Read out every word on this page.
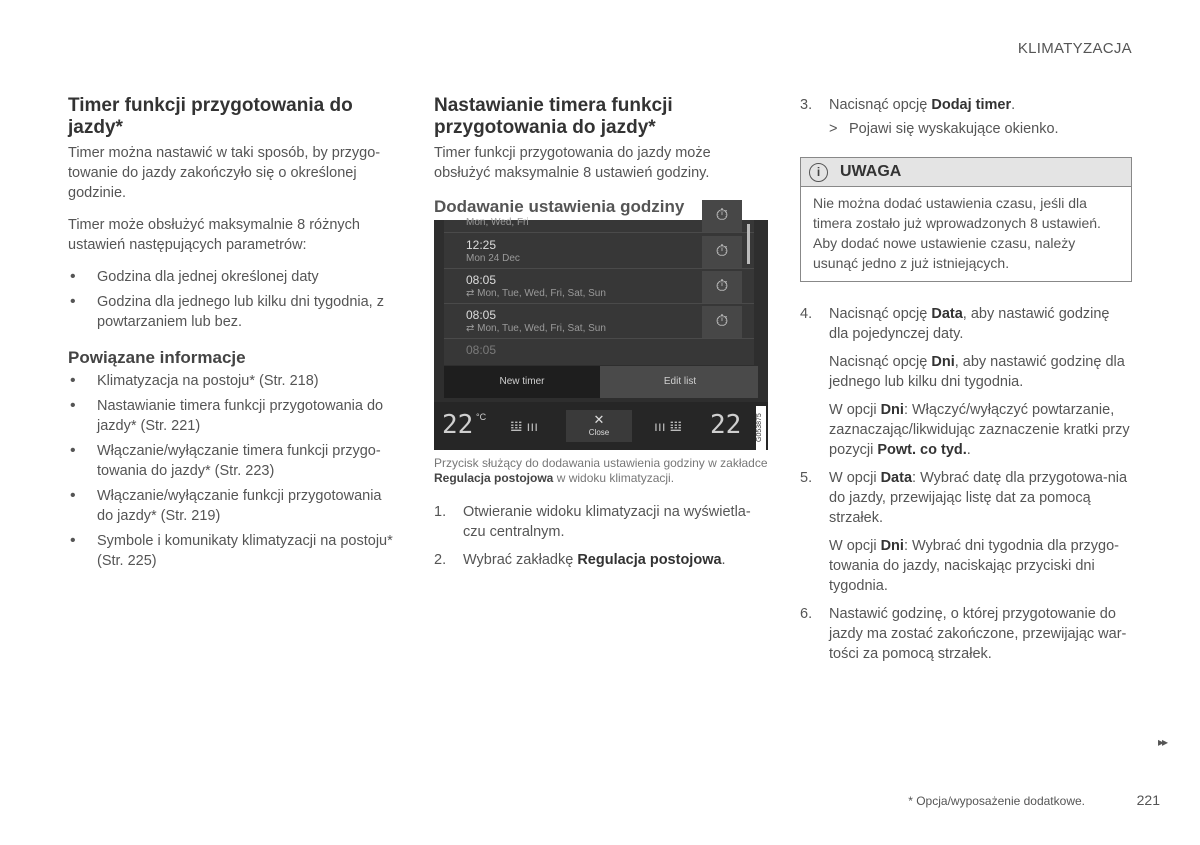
KLIMATYZACJA
Timer funkcji przygotowania do jazdy*

Timer można nastawić w taki sposób, by przygo-towanie do jazdy zakończyło się o określonej godzinie.

Timer może obsłużyć maksymalnie 8 różnych ustawień następujących parametrów:

• Godzina dla jednej określonej daty
• Godzina dla jednego lub kilku dni tygodnia, z powtarzaniem lub bez.
Powiązane informacje
• Klimatyzacja na postoju* (Str. 218)
• Nastawianie timera funkcji przygotowania do jazdy* (Str. 221)
• Włączanie/wyłączanie timera funkcji przygo-towania do jazdy* (Str. 223)
• Włączanie/wyłączanie funkcji przygotowania do jazdy* (Str. 219)
• Symbole i komunikaty klimatyzacji na postoju* (Str. 225)
Nastawianie timera funkcji przygotowania do jazdy*

Timer funkcji przygotowania do jazdy może obsłużyć maksymalnie 8 ustawień godziny.

Dodawanie ustawienia godziny
Mon, Wed, Fri	⏱
12:25
Mon 24 Dec	⏱
08:05
⇄ Mon, Tue, Wed, Fri, Sat, Sun	⏱
08:05
⇄ Mon, Tue, Wed, Fri, Sat, Sun	⏱
08:05
New timer	Edit list
22 °C
𝍔 ııı	✕
Close	ııı 𝍔 22 G053875
Przycisk służący do dodawania ustawienia godziny w zakładce Regulacja postojowa w widoku klimatyzacji.
1. Otwieranie widoku klimatyzacji na wyświetla-czu centralnym.
2. Wybrać zakładkę Regulacja postojowa.
3. Nacisnąć opcję Dodaj timer.
> Pojawi się wyskakujące okienko.
i	UWAGA
Nie można dodać ustawienia czasu, jeśli dla timera zostało już wprowadzonych 8 ustawień. Aby dodać nowe ustawienie czasu, należy usunąć jedno z już istniejących.
4. Nacisnąć opcję Data, aby nastawić godzinę dla pojedynczej daty.

Nacisnąć opcję Dni, aby nastawić godzinę dla jednego lub kilku dni tygodnia.

W opcji Dni: Włączyć/wyłączyć powtarzanie, zaznaczając/likwidując zaznaczenie kratki przy pozycji Powt. co tyd..

5. W opcji Data: Wybrać datę dla przygotowa-nia do jazdy, przewijając listę dat za pomocą strzałek.

W opcji Dni: Wybrać dni tygodnia dla przygo-towania do jazdy, naciskając przyciski dni tygodnia.

6. Nastawić godzinę, o której przygotowanie do jazdy ma zostać zakończone, przewijając war-tości za pomocą strzałek.
▸▸
* Opcja/wyposażenie dodatkowe.	221
